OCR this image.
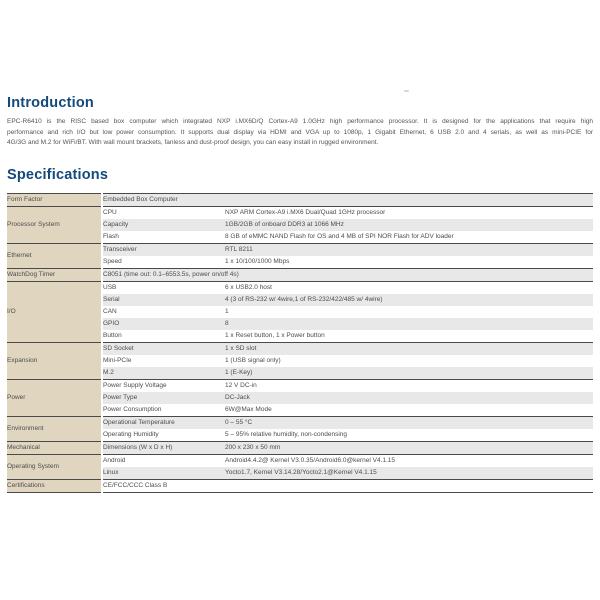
Introduction
EPC-R6410 is the RISC based box computer which integrated NXP i.MX6D/Q Cortex-A9 1.0GHz high performance processor. It is designed for the applications that require high
performance and rich I/O but low power consumption. It supports dual display via HDMI and VGA up to 1080p, 1 Gigabit Ethernet, 6 USB 2.0 and 4 serials, as well as mini-PCIE for
4G/3G and M.2 for WiFi/BT. With wall mount brackets, fanless and dust-proof design, you can easy install in rugged environment.
Specifications
Form Factor	Embedded Box Computer	
Processor System	CPU	NXP ARM Cortex-A9 i.MX6 Dual/Quad 1GHz processor
	Capacity	1GB/2GB of onboard DDR3 at 1066 MHz
	Flash	8 GB of eMMC NAND Flash for OS and 4 MB of SPI NOR Flash for ADV loader
Ethernet	Transceiver	RTL 8211
	Speed	1 x 10/100/1000 Mbps
WatchDog Timer	C8051 (time out: 0.1–6553.5s, power on/off 4s)	
I/O	USB	6 x USB2.0 host
	Serial	4 (3 of RS-232 w/ 4wire,1 of RS-232/422/485 w/ 4wire)
	CAN	1
	GPIO	8
	Button	1 x Reset button, 1 x Power button
Expansion	SD Socket	1 x SD slot
	Mini-PCIe	1 (USB signal only)
	M.2	1 (E-Key)
Power	Power Supply Voltage	12 V DC-in
	Power Type	DC-Jack
	Power Consumption	6W@Max Mode
Environment	Operational Temperature	0 – 55 °C
	Operating Humidity	5 – 95% relative humidity, non-condensing
Mechanical	Dimensions (W x D x H)	200 x 230 x 50 mm
Operating System	Android	Android4.4.2@ Kernel V3.0.35/Android6.0@kernel V4.1.15
	Linux	Yocto1.7, Kernel V3.14.28/Yocto2.1@Kernel V4.1.15
Certifications	CE/FCC/CCC Class B	
